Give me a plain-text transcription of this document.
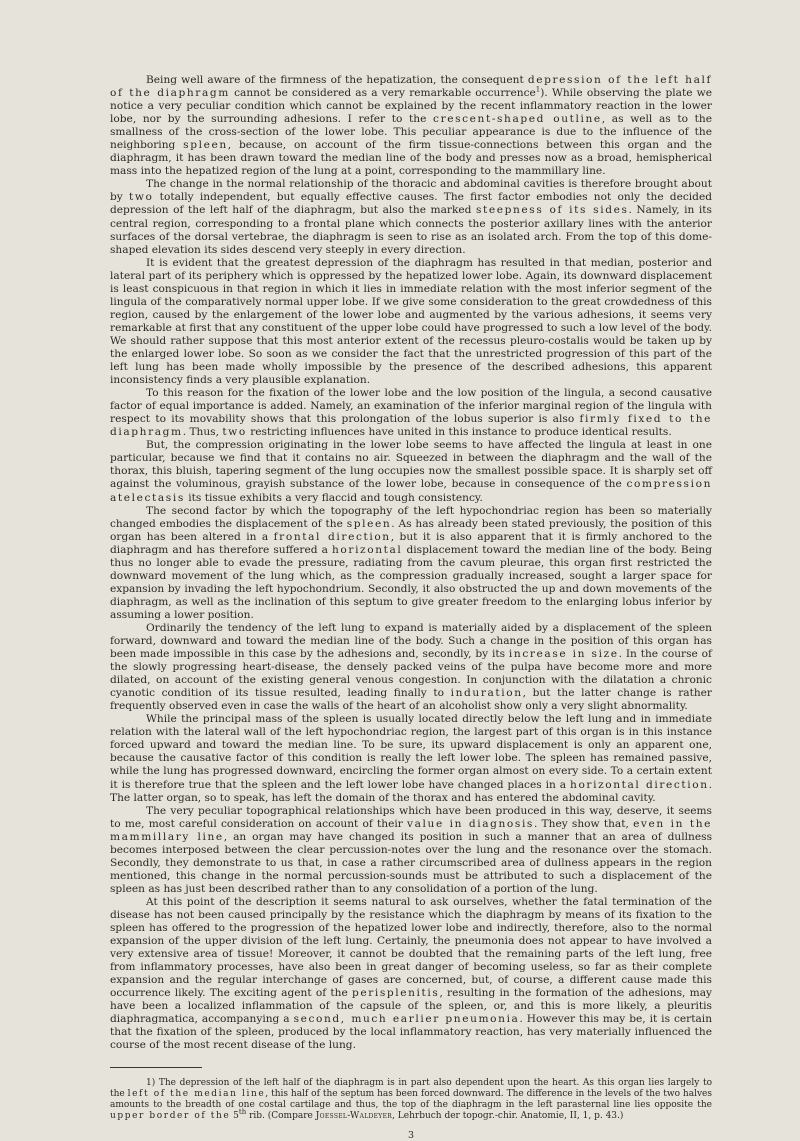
Being well aware of the firmness of the hepatization, the consequent depression of the left half of the diaphragm cannot be considered as a very remarkable occurrence$^1$). While observing the plate we notice a very peculiar condition which cannot be explained by the recent inflammatory reaction in the lower lobe, nor by the surrounding adhesions. I refer to the crescent-shaped outline, as well as to the smallness of the cross-section of the lower lobe. This peculiar appearance is due to the influence of the neighboring spleen, because, on account of the firm tissue-connections between this organ and the diaphragm, it has been drawn toward the median line of the body and presses now as a broad, hemispherical mass into the hepatized region of the lung at a point, corresponding to the mammillary line.

The change in the normal relationship of the thoracic and abdominal cavities is therefore brought about by two totally independent, but equally effective causes. The first factor embodies not only the decided depression of the left half of the diaphragm, but also the marked steepness of its sides. Namely, in its central region, corresponding to a frontal plane which connects the posterior axillary lines with the anterior surfaces of the dorsal vertebrae, the diaphragm is seen to rise as an isolated arch. From the top of this dome-shaped elevation its sides descend very steeply in every direction.

It is evident that the greatest depression of the diaphragm has resulted in that median, posterior and lateral part of its periphery which is oppressed by the hepatized lower lobe. Again, its downward displacement is least conspicuous in that region in which it lies in immediate relation with the most inferior segment of the lingula of the comparatively normal upper lobe. If we give some consideration to the great crowdedness of this region, caused by the enlargement of the lower lobe and augmented by the various adhesions, it seems very remarkable at first that any constituent of the upper lobe could have progressed to such a low level of the body. We should rather suppose that this most anterior extent of the recessus pleuro-costalis would be taken up by the enlarged lower lobe. So soon as we consider the fact that the unrestricted progression of this part of the left lung has been made wholly impossible by the presence of the described adhesions, this apparent inconsistency finds a very plausible explanation.

To this reason for the fixation of the lower lobe and the low position of the lingula, a second causative factor of equal importance is added. Namely, an examination of the inferior marginal region of the lingula with respect to its movability shows that this prolongation of the lobus superior is also firmly fixed to the diaphragm. Thus, two restricting influences have united in this instance to produce identical results.

But, the compression originating in the lower lobe seems to have affected the lingula at least in one particular, because we find that it contains no air. Squeezed in between the diaphragm and the wall of the thorax, this bluish, tapering segment of the lung occupies now the smallest possible space. It is sharply set off against the voluminous, grayish substance of the lower lobe, because in consequence of the compression atelectasis its tissue exhibits a very flaccid and tough consistency.

The second factor by which the topography of the left hypochondriac region has been so materially changed embodies the displacement of the spleen. As has already been stated previously, the position of this organ has been altered in a frontal direction, but it is also apparent that it is firmly anchored to the diaphragm and has therefore suffered a horizontal displacement toward the median line of the body. Being thus no longer able to evade the pressure, radiating from the cavum pleurae, this organ first restricted the downward movement of the lung which, as the compression gradually increased, sought a larger space for expansion by invading the left hypochondrium. Secondly, it also obstructed the up and down movements of the diaphragm, as well as the inclination of this septum to give greater freedom to the enlarging lobus inferior by assuming a lower position.

Ordinarily the tendency of the left lung to expand is materially aided by a displacement of the spleen forward, downward and toward the median line of the body. Such a change in the position of this organ has been made impossible in this case by the adhesions and, secondly, by its increase in size. In the course of the slowly progressing heart-disease, the densely packed veins of the pulpa have become more and more dilated, on account of the existing general venous congestion. In conjunction with the dilatation a chronic cyanotic condition of its tissue resulted, leading finally to induration, but the latter change is rather frequently observed even in case the walls of the heart of an alcoholist show only a very slight abnormality.

While the principal mass of the spleen is usually located directly below the left lung and in immediate relation with the lateral wall of the left hypochondriac region, the largest part of this organ is in this instance forced upward and toward the median line. To be sure, its upward displacement is only an apparent one, because the causative factor of this condition is really the left lower lobe. The spleen has remained passive, while the lung has progressed downward, encircling the former organ almost on every side. To a certain extent it is therefore true that the spleen and the left lower lobe have changed places in a horizontal direction. The latter organ, so to speak, has left the domain of the thorax and has entered the abdominal cavity.

The very peculiar topographical relationships which have been produced in this way, deserve, it seems to me, most careful consideration on account of their value in diagnosis. They show that, even in the mammillary line, an organ may have changed its position in such a manner that an area of dullness becomes interposed between the clear percussion-notes over the lung and the resonance over the stomach. Secondly, they demonstrate to us that, in case a rather circumscribed area of dullness appears in the region mentioned, this change in the normal percussion-sounds must be attributed to such a displacement of the spleen as has just been described rather than to any consolidation of a portion of the lung.

At this point of the description it seems natural to ask ourselves, whether the fatal termination of the disease has not been caused principally by the resistance which the diaphragm by means of its fixation to the spleen has offered to the progression of the hepatized lower lobe and indirectly, therefore, also to the normal expansion of the upper division of the left lung. Certainly, the pneumonia does not appear to have involved a very extensive area of tissue! Moreover, it cannot be doubted that the remaining parts of the left lung, free from inflammatory processes, have also been in great danger of becoming useless, so far as their complete expansion and the regular interchange of gases are concerned, but, of course, a different cause made this occurrence likely. The exciting agent of the perisplenitis, resulting in the formation of the adhesions, may have been a localized inflammation of the capsule of the spleen, or, and this is more likely, a pleuritis diaphragmatica, accompanying a second, much earlier pneumonia. However this may be, it is certain that the fixation of the spleen, produced by the local inflammatory reaction, has very materially influenced the course of the most recent disease of the lung.

1) The depression of the left half of the diaphragm is in part also dependent upon the heart. As this organ lies largely to the left of the median line, this half of the septum has been forced downward. The difference in the levels of the two halves amounts to the breadth of one costal cartilage and thus, the top of the diaphragm in the left parasternal line lies opposite the upper border of the 5th rib. (Compare Joessel-Waldeyer, Lehrbuch der topogr.-chir. Anatomie, II, 1, p. 43.)

3
